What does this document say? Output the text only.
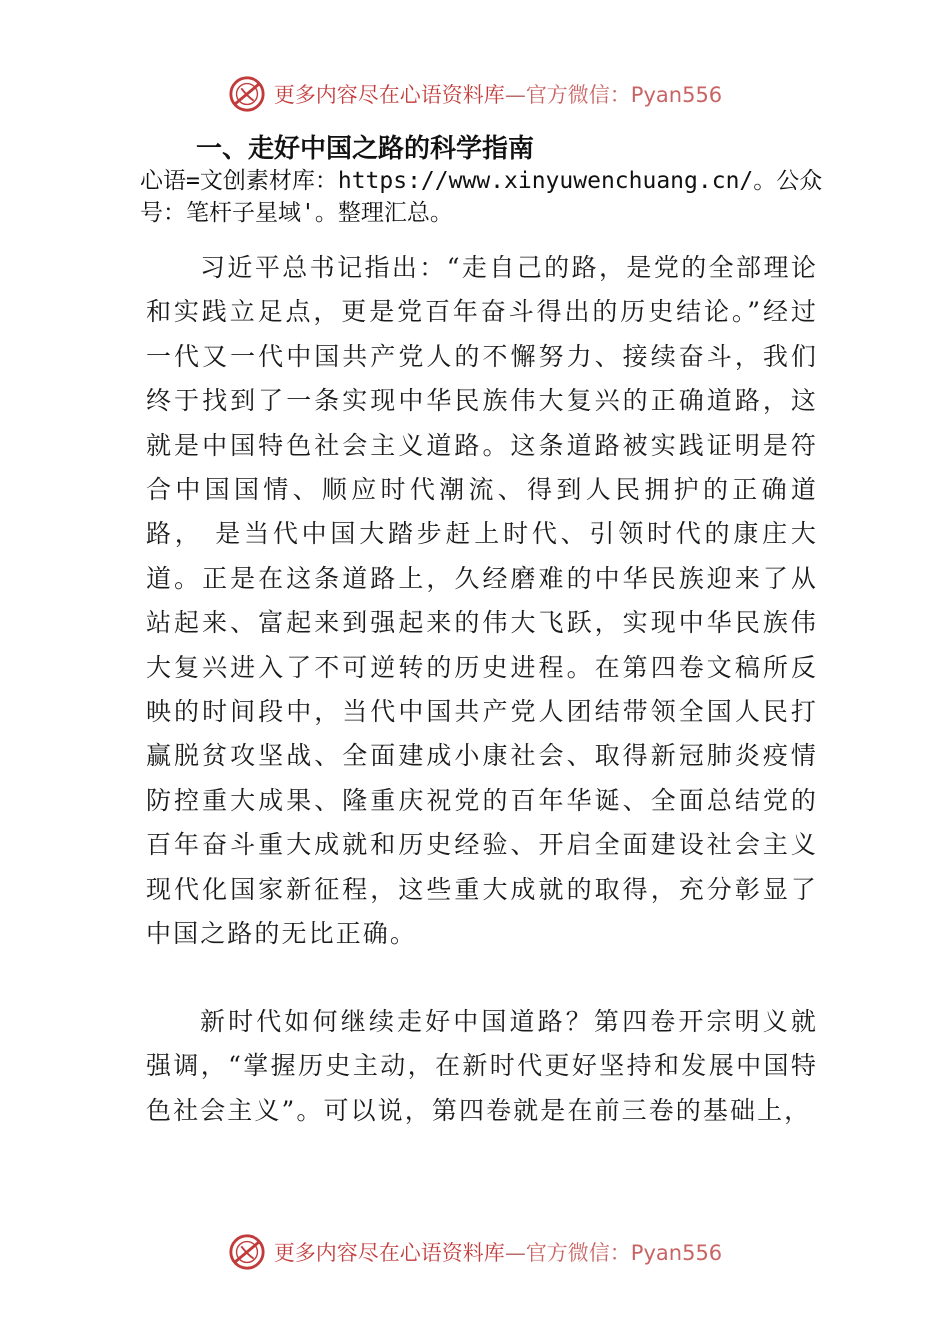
更多内容尽在心语资料库—官方微信：Pyan556
一、走好中国之路的科学指南
心语=文创素材库：https://www.xinyuwenchuang.cn/。公众号：笔杆子星域'。整理汇总。

习近平总书记指出：“走自己的路，是党的全部理论和实践立足点，更是党百年奋斗得出的历史结论。”经过一代又一代中国共产党人的不懈努力、接续奋斗，我们终于找到了一条实现中华民族伟大复兴的正确道路，这就是中国特色社会主义道路。这条道路被实践证明是符合中国国情、顺应时代潮流、得到人民拥护的正确道路， 是当代中国大踏步赶上时代、引领时代的康庄大道。正是在这条道路上，久经磨难的中华民族迎来了从站起来、富起来到强起来的伟大飞跃，实现中华民族伟大复兴进入了不可逆转的历史进程。在第四卷文稿所反映的时间段中，当代中国共产党人团结带领全国人民打赢脱贫攻坚战、全面建成小康社会、取得新冠肺炎疫情防控重大成果、隆重庆祝党的百年华诞、全面总结党的百年奋斗重大成就和历史经验、开启全面建设社会主义现代化国家新征程，这些重大成就的取得，充分彰显了中国之路的无比正确。

新时代如何继续走好中国道路？第四卷开宗明义就强调，“掌握历史主动，在新时代更好坚持和发展中国特色社会主义”。可以说，第四卷就是在前三卷的基础上，

更多内容尽在心语资料库—官方微信：Pyan556
